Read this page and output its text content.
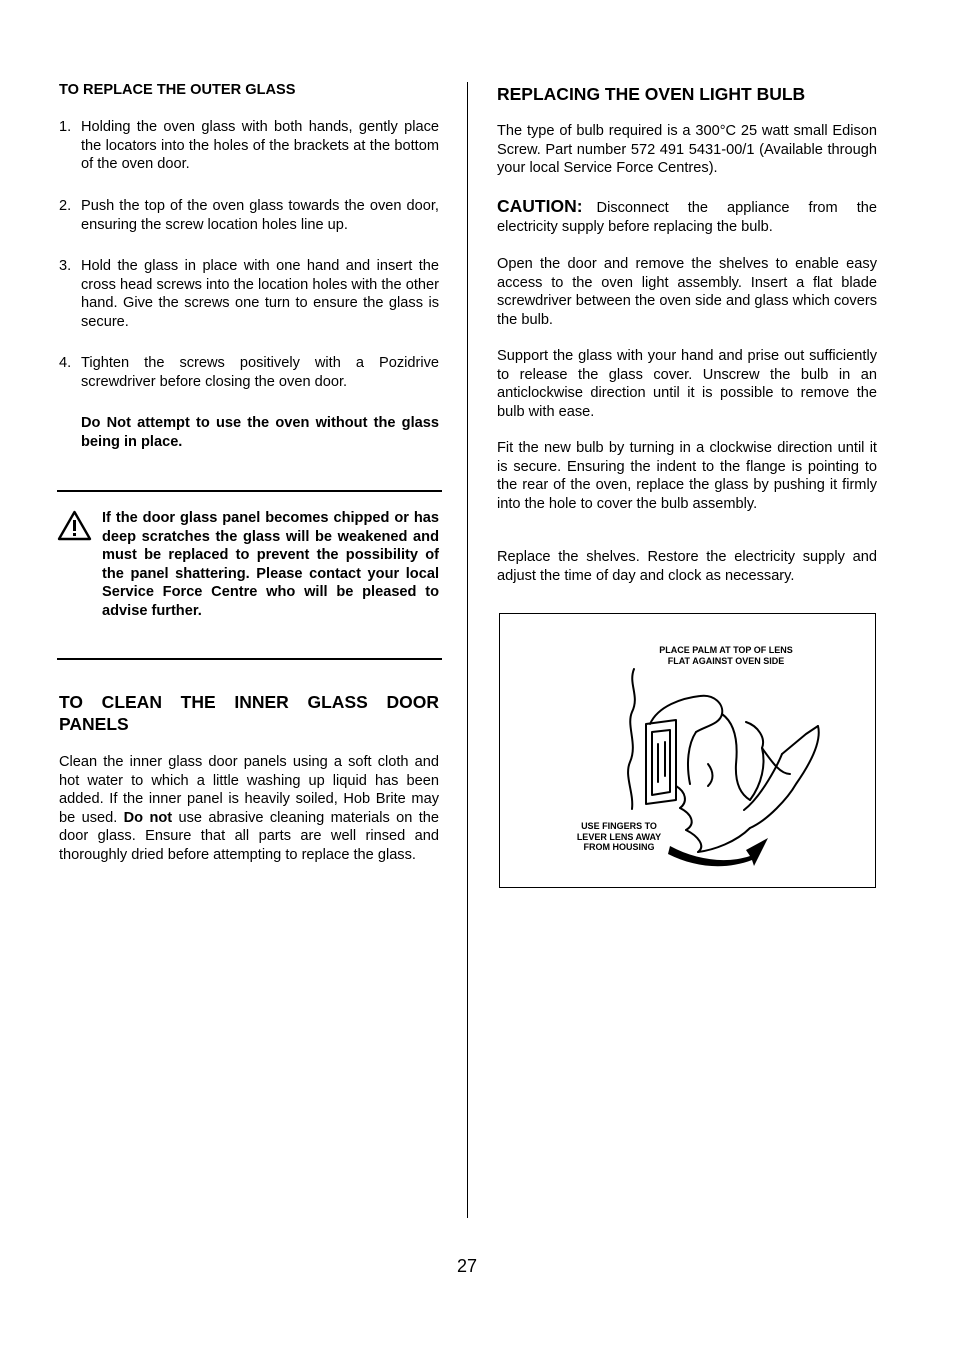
TO REPLACE THE OUTER GLASS
1. Holding the oven glass with both hands, gently place the locators into the holes of the brackets at the bottom of the oven door.

2. Push the top of the oven glass towards the oven door, ensuring the screw location holes line up.

3. Hold the glass in place with one hand and insert the cross head screws into the location holes with the other hand. Give the screws one turn to ensure the glass is secure.

4. Tighten the screws positively with a Pozidrive screwdriver before closing the oven door.

Do Not attempt to use the oven without the glass being in place.

If the door glass panel becomes chipped or has deep scratches the glass will be weakened and must be replaced to prevent the possibility of the panel shattering. Please contact your local Service Force Centre who will be pleased to advise further.

TO CLEAN THE INNER GLASS DOOR PANELS

Clean the inner glass door panels using a soft cloth and hot water to which a little washing up liquid has been added. If the inner panel is heavily soiled, Hob Brite may be used. Do not use abrasive cleaning materials on the door glass. Ensure that all parts are well rinsed and thoroughly dried before attempting to replace the glass.

REPLACING THE OVEN LIGHT BULB

The type of bulb required is a 300°C 25 watt small Edison Screw. Part number 572 491 5431-00/1 (Available through your local Service Force Centres).

CAUTION: Disconnect the appliance from the electricity supply before replacing the bulb.

Open the door and remove the shelves to enable easy access to the oven light assembly. Insert a flat blade screwdriver between the oven side and glass which covers the bulb.

Support the glass with your hand and prise out sufficiently to release the glass cover. Unscrew the bulb in an anticlockwise direction until it is possible to remove the bulb with ease.

Fit the new bulb by turning in a clockwise direction until it is secure. Ensuring the indent to the flange is pointing to the rear of the oven, replace the glass by pushing it firmly into the hole to cover the bulb assembly.

Replace the shelves. Restore the electricity supply and adjust the time of day and clock as necessary.

PLACE PALM AT TOP OF LENS
FLAT AGAINST OVEN SIDE
USE FINGERS TO
LEVER LENS AWAY
FROM HOUSING

27
